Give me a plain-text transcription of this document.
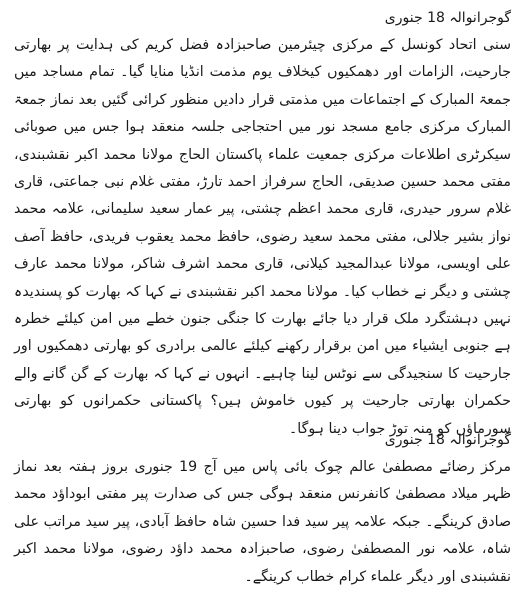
گوجرانوالہ 18 جنوری

سنی اتحاد کونسل کے مرکزی چیئرمین صاحبزادہ فضل کریم کی ہدایت پر بھارتی جارحیت، الزامات اور دھمکیوں کیخلاف یوم مذمت انڈیا منایا گیا۔ تمام مساجد میں جمعۃ المبارک کے اجتماعات میں مذمتی قرار دادیں منظور کرائی گئیں بعد نماز جمعۃ المبارک مرکزی جامع مسجد نور میں احتجاجی جلسہ منعقد ہوا جس میں صوبائی سیکرٹری اطلاعات مرکزی جمعیت علماء پاکستان الحاج مولانا محمد اکبر نقشبندی، مفتی محمد حسین صدیقی، الحاج سرفراز احمد تارڑ، مفتی غلام نبی جماعتی، قاری غلام سرور حیدری، قاری محمد اعظم چشتی، پیر عمار سعید سلیمانی، علامہ محمد نواز بشیر جلالی، مفتی محمد سعید رضوی، حافظ محمد یعقوب فریدی، حافظ آصف علی اویسی، مولانا عبدالمجید کیلانی، قاری محمد اشرف شاکر، مولانا محمد عارف چشتی و دیگر نے خطاب کیا۔ مولانا محمد اکبر نقشبندی نے کہا کہ بھارت کو پسندیدہ نہیں دہشتگرد ملک قرار دیا جائے بھارت کا جنگی جنون خطے میں امن کیلئے خطرہ ہے جنوبی ایشیاء میں امن برقرار رکھنے کیلئے عالمی برادری کو بھارتی دھمکیوں اور جارحیت کا سنجیدگی سے نوٹس لینا چاہیے۔ انہوں نے کہا کہ بھارت کے گن گانے والے حکمران بھارتی جارحیت پر کیوں خاموش ہیں؟ پاکستانی حکمرانوں کو بھارتی سورماؤں کو منہ توڑ جواب دینا ہوگا۔

گوجرانوالہ 18 جنوری

مرکز رضائے مصطفیٰ عالم چوک بائی پاس میں آج 19 جنوری بروز ہفتہ بعد نماز ظہر میلاد مصطفیٰ کانفرنس منعقد ہوگی جس کی صدارت پیر مفتی ابوداؤد محمد صادق کرینگے۔ جبکہ علامہ پیر سید فدا حسین شاہ حافظ آبادی، پیر سید مراتب علی شاہ، علامہ نور المصطفیٰ رضوی، صاحبزادہ محمد داؤد رضوی، مولانا محمد اکبر نقشبندی اور دیگر علماء کرام خطاب کرینگے۔
